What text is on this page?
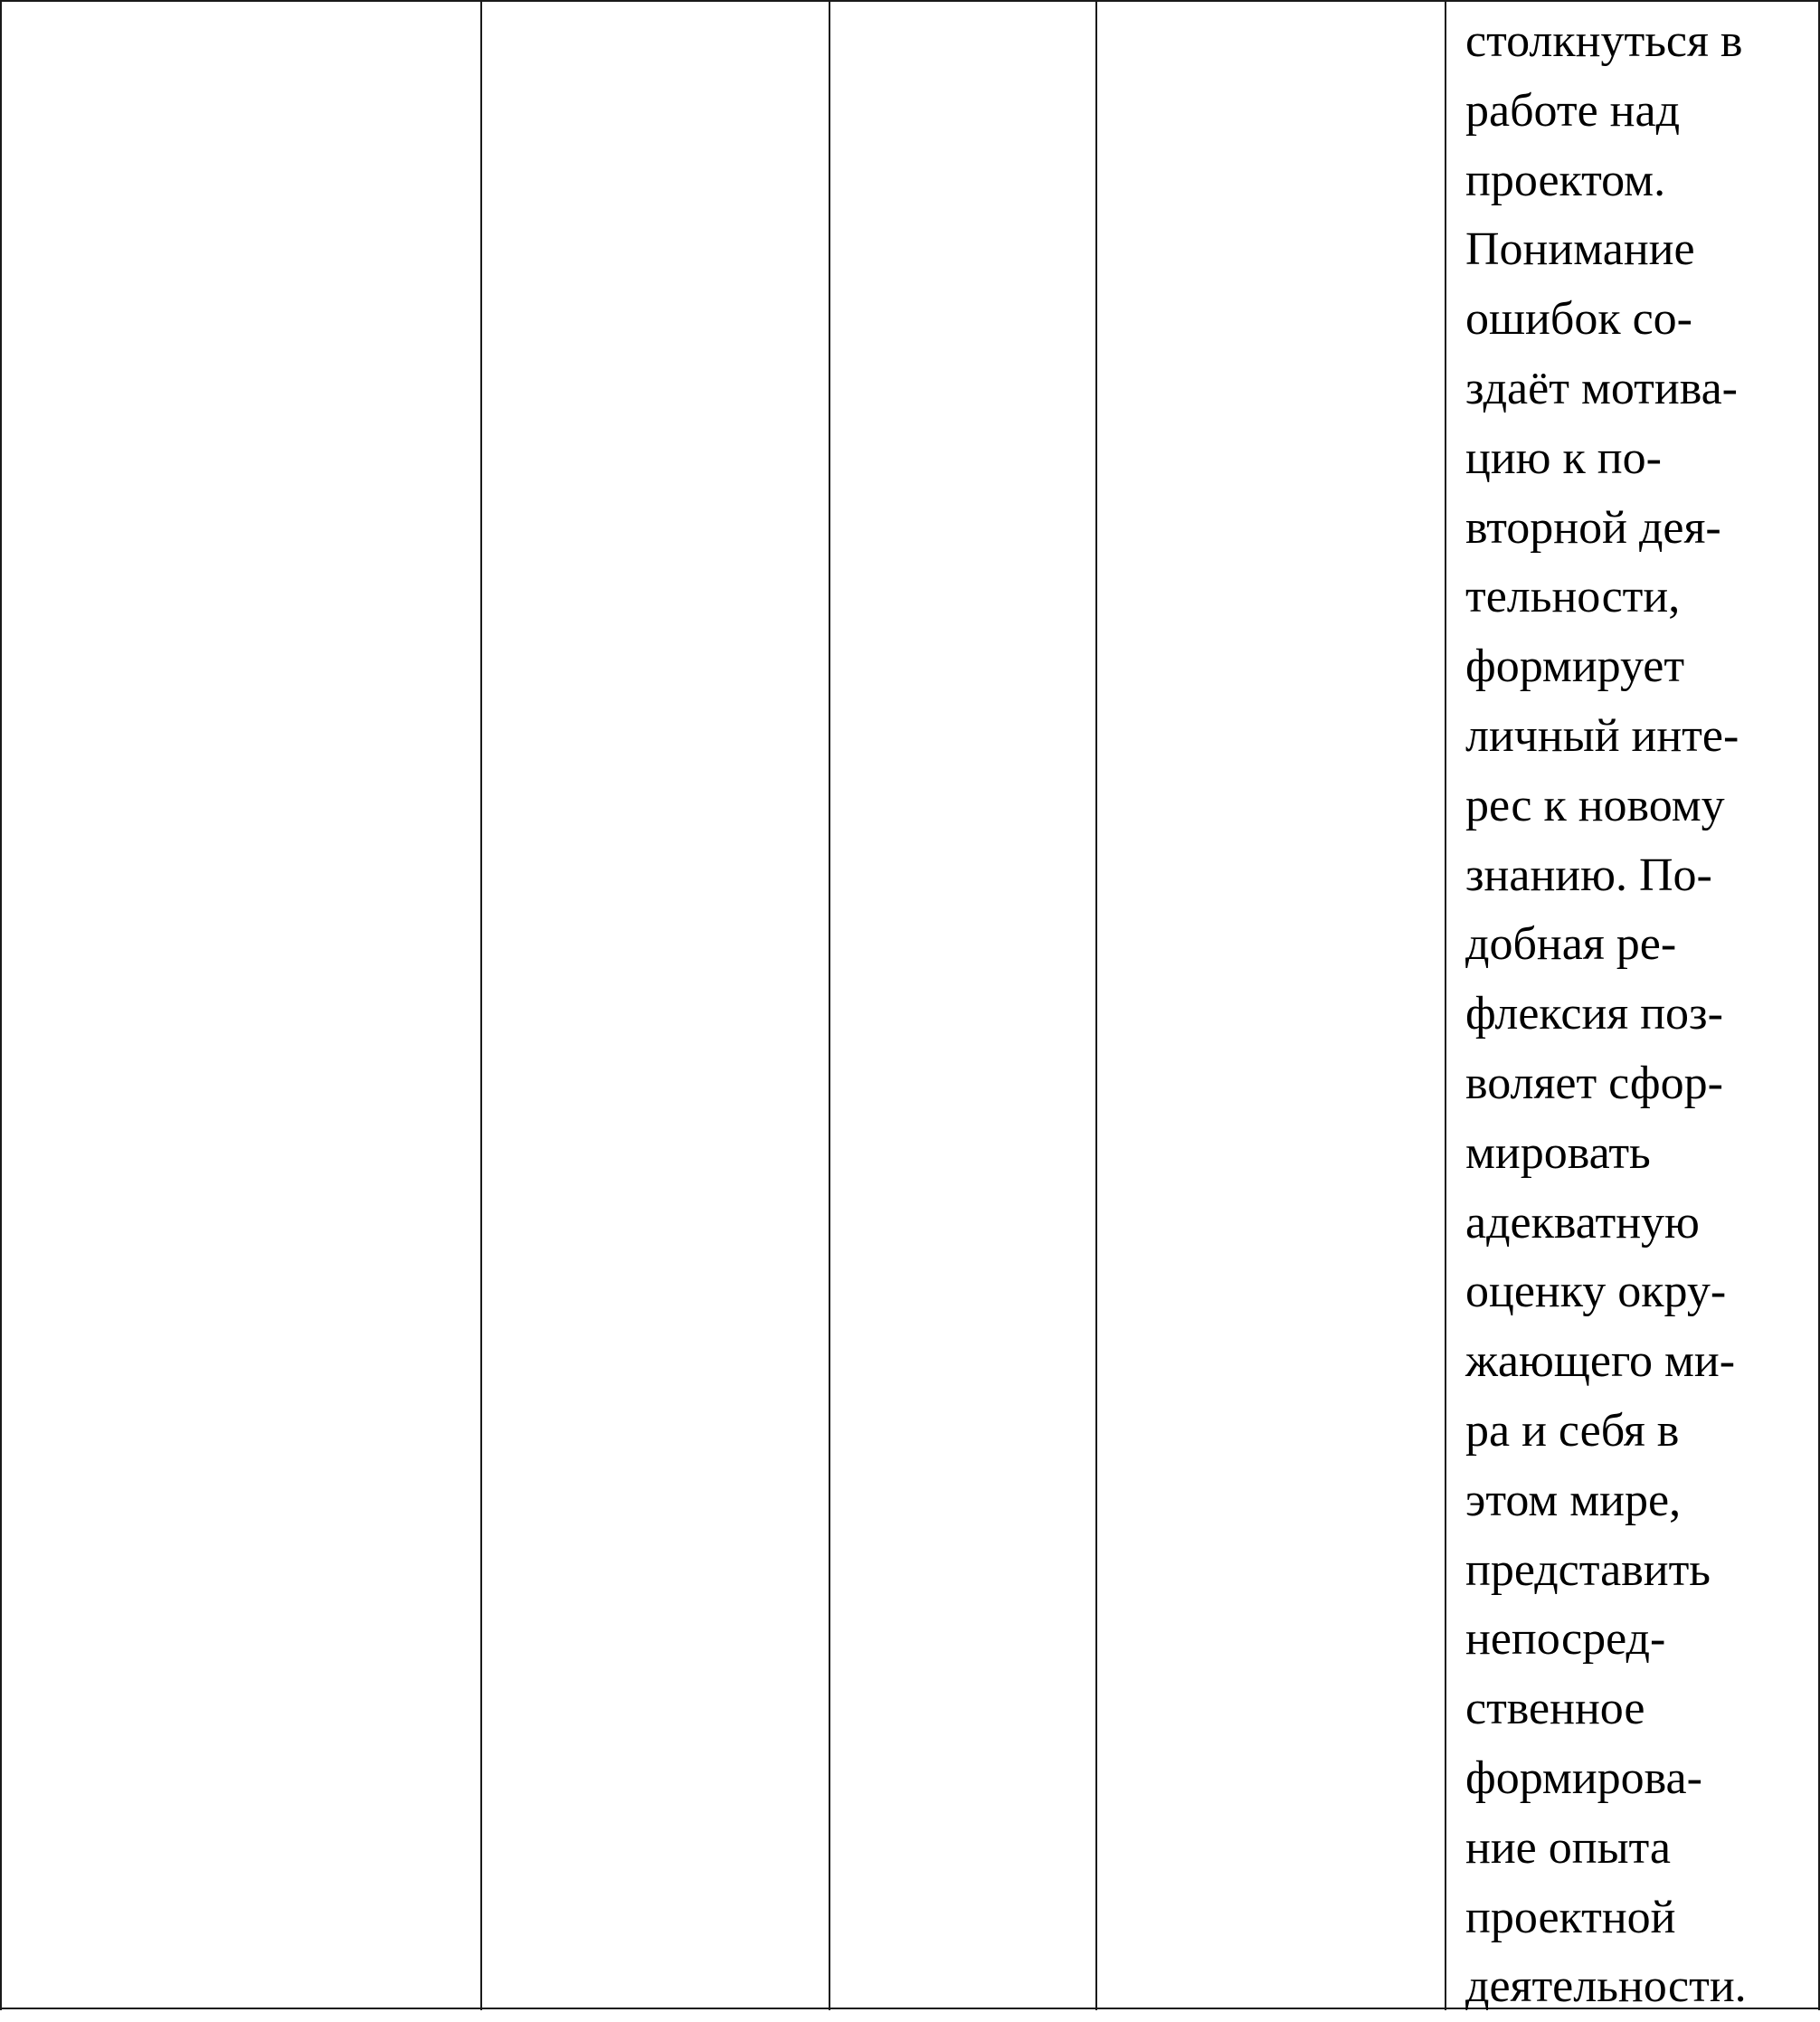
столкнуться в
работе над
проектом.
Понимание
ошибок со-
здаёт мотива-
цию к по-
вторной дея-
тельности,
формирует
личный инте-
рес к новому
знанию. По-
добная ре-
флексия поз-
воляет сфор-
мировать
адекватную
оценку окру-
жающего ми-
ра и себя в
этом мире,
представить
непосред-
ственное
формирова-
ние опыта
проектной
деятельности.
